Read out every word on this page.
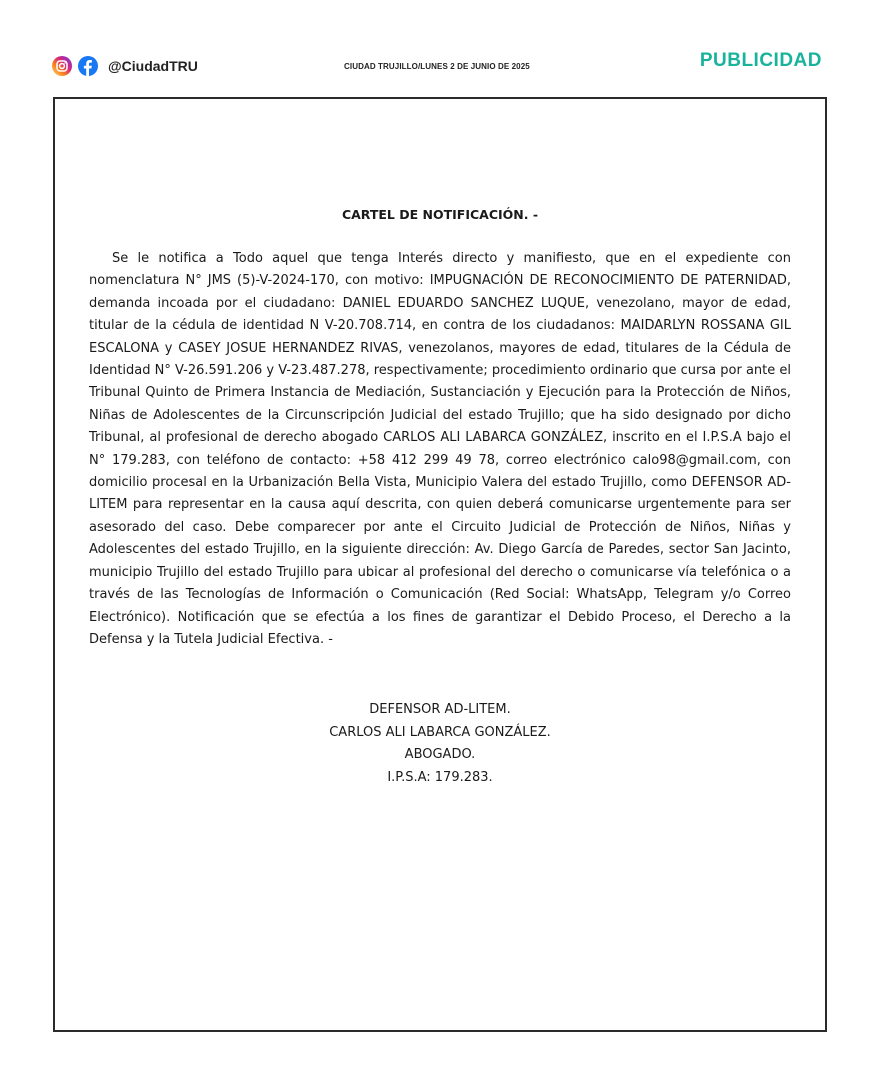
@CiudadTRU	CIUDAD TRUJILLO/LUNES 2 DE JUNIO DE 2025	PUBLICIDAD
CARTEL DE NOTIFICACIÓN. -

Se le notifica a Todo aquel que tenga Interés directo y manifiesto, que en el expediente con nomenclatura N° JMS (5)-V-2024-170, con motivo: IMPUGNACIÓN DE RECONOCIMIENTO DE PATERNIDAD, demanda incoada por el ciudadano: DANIEL EDUARDO SANCHEZ LUQUE, venezolano, mayor de edad, titular de la cédula de identidad N V-20.708.714, en contra de los ciudadanos: MAIDARLYN ROSSANA GIL ESCALONA y CASEY JOSUE HERNANDEZ RIVAS, venezolanos, mayores de edad, titulares de la Cédula de Identidad N° V-26.591.206 y V-23.487.278, respectivamente; procedimiento ordinario que cursa por ante el Tribunal Quinto de Primera Instancia de Mediación, Sustanciación y Ejecución para la Protección de Niños, Niñas de Adolescentes de la Circunscripción Judicial del estado Trujillo; que ha sido designado por dicho Tribunal, al profesional de derecho abogado CARLOS ALI LABARCA GONZÁLEZ, inscrito en el I.P.S.A bajo el N° 179.283, con teléfono de contacto: +58 412 299 49 78, correo electrónico calo98@gmail.com, con domicilio procesal en la Urbanización Bella Vista, Municipio Valera del estado Trujillo, como DEFENSOR AD-LITEM para representar en la causa aquí descrita, con quien deberá comunicarse urgentemente para ser asesorado del caso. Debe comparecer por ante el Circuito Judicial de Protección de Niños, Niñas y Adolescentes del estado Trujillo, en la siguiente dirección: Av. Diego García de Paredes, sector San Jacinto, municipio Trujillo del estado Trujillo para ubicar al profesional del derecho o comunicarse vía telefónica o a través de las Tecnologías de Información o Comunicación (Red Social: WhatsApp, Telegram y/o Correo Electrónico). Notificación que se efectúa a los fines de garantizar el Debido Proceso, el Derecho a la Defensa y la Tutela Judicial Efectiva. -

DEFENSOR AD-LITEM.
CARLOS ALI LABARCA GONZÁLEZ.
ABOGADO.
I.P.S.A: 179.283.
